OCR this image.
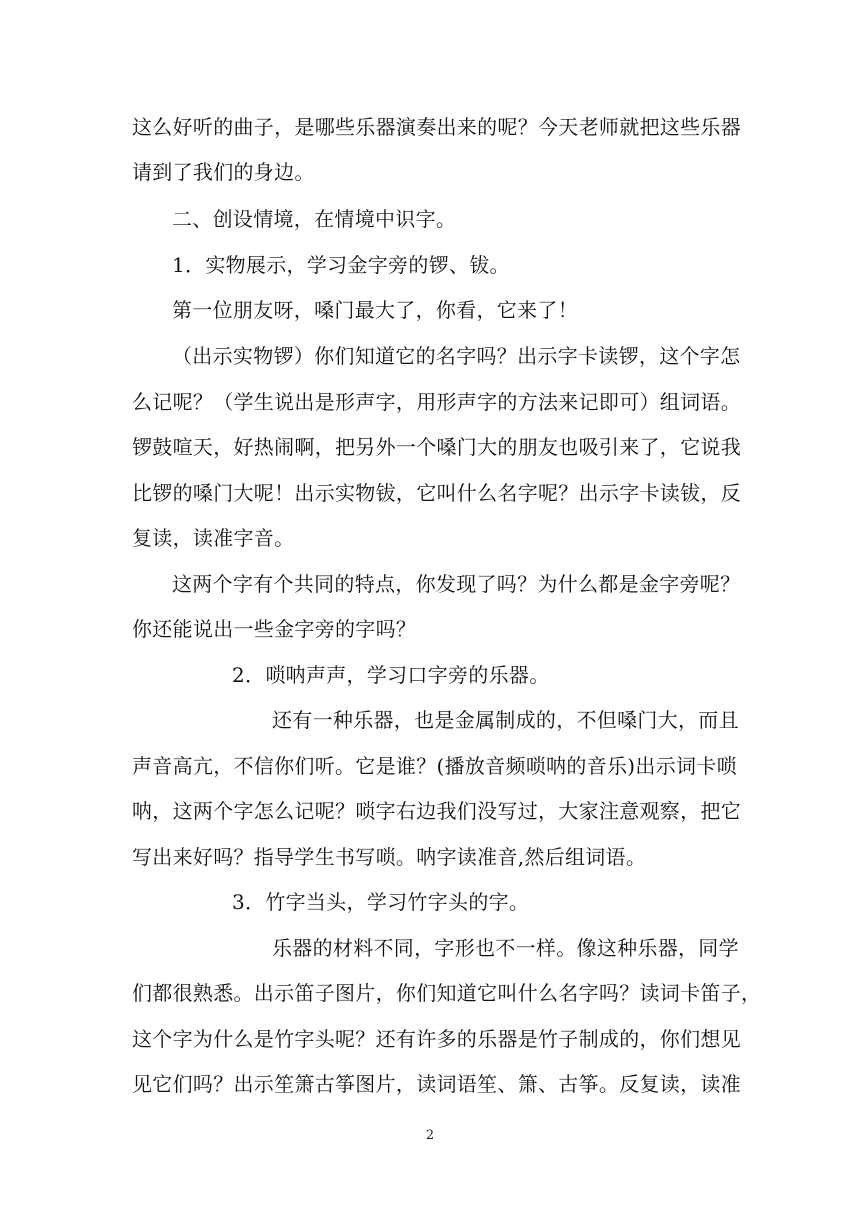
这么好听的曲子，是哪些乐器演奏出来的呢？今天老师就把这些乐器
请到了我们的身边。
二、创设情境，在情境中识字。
1．实物展示，学习金字旁的锣、钹。
第一位朋友呀，嗓门最大了，你看，它来了！
（出示实物锣）你们知道它的名字吗？出示字卡读锣，这个字怎
么记呢？（学生说出是形声字，用形声字的方法来记即可）组词语。
锣鼓喧天，好热闹啊，把另外一个嗓门大的朋友也吸引来了，它说我
比锣的嗓门大呢！出示实物钹，它叫什么名字呢？出示字卡读钹，反
复读，读准字音。
这两个字有个共同的特点，你发现了吗？为什么都是金字旁呢？
你还能说出一些金字旁的字吗？
2．唢呐声声，学习口字旁的乐器。
还有一种乐器，也是金属制成的，不但嗓门大，而且
声音高亢，不信你们听。它是谁？(播放音频唢呐的音乐)出示词卡唢
呐，这两个字怎么记呢？唢字右边我们没写过，大家注意观察，把它
写出来好吗？指导学生书写唢。呐字读准音,然后组词语。
3．竹字当头，学习竹字头的字。
乐器的材料不同，字形也不一样。像这种乐器，同学
们都很熟悉。出示笛子图片，你们知道它叫什么名字吗？读词卡笛子，
这个字为什么是竹字头呢？还有许多的乐器是竹子制成的，你们想见
见它们吗？出示笙箫古筝图片，读词语笙、箫、古筝。反复读，读准
2
